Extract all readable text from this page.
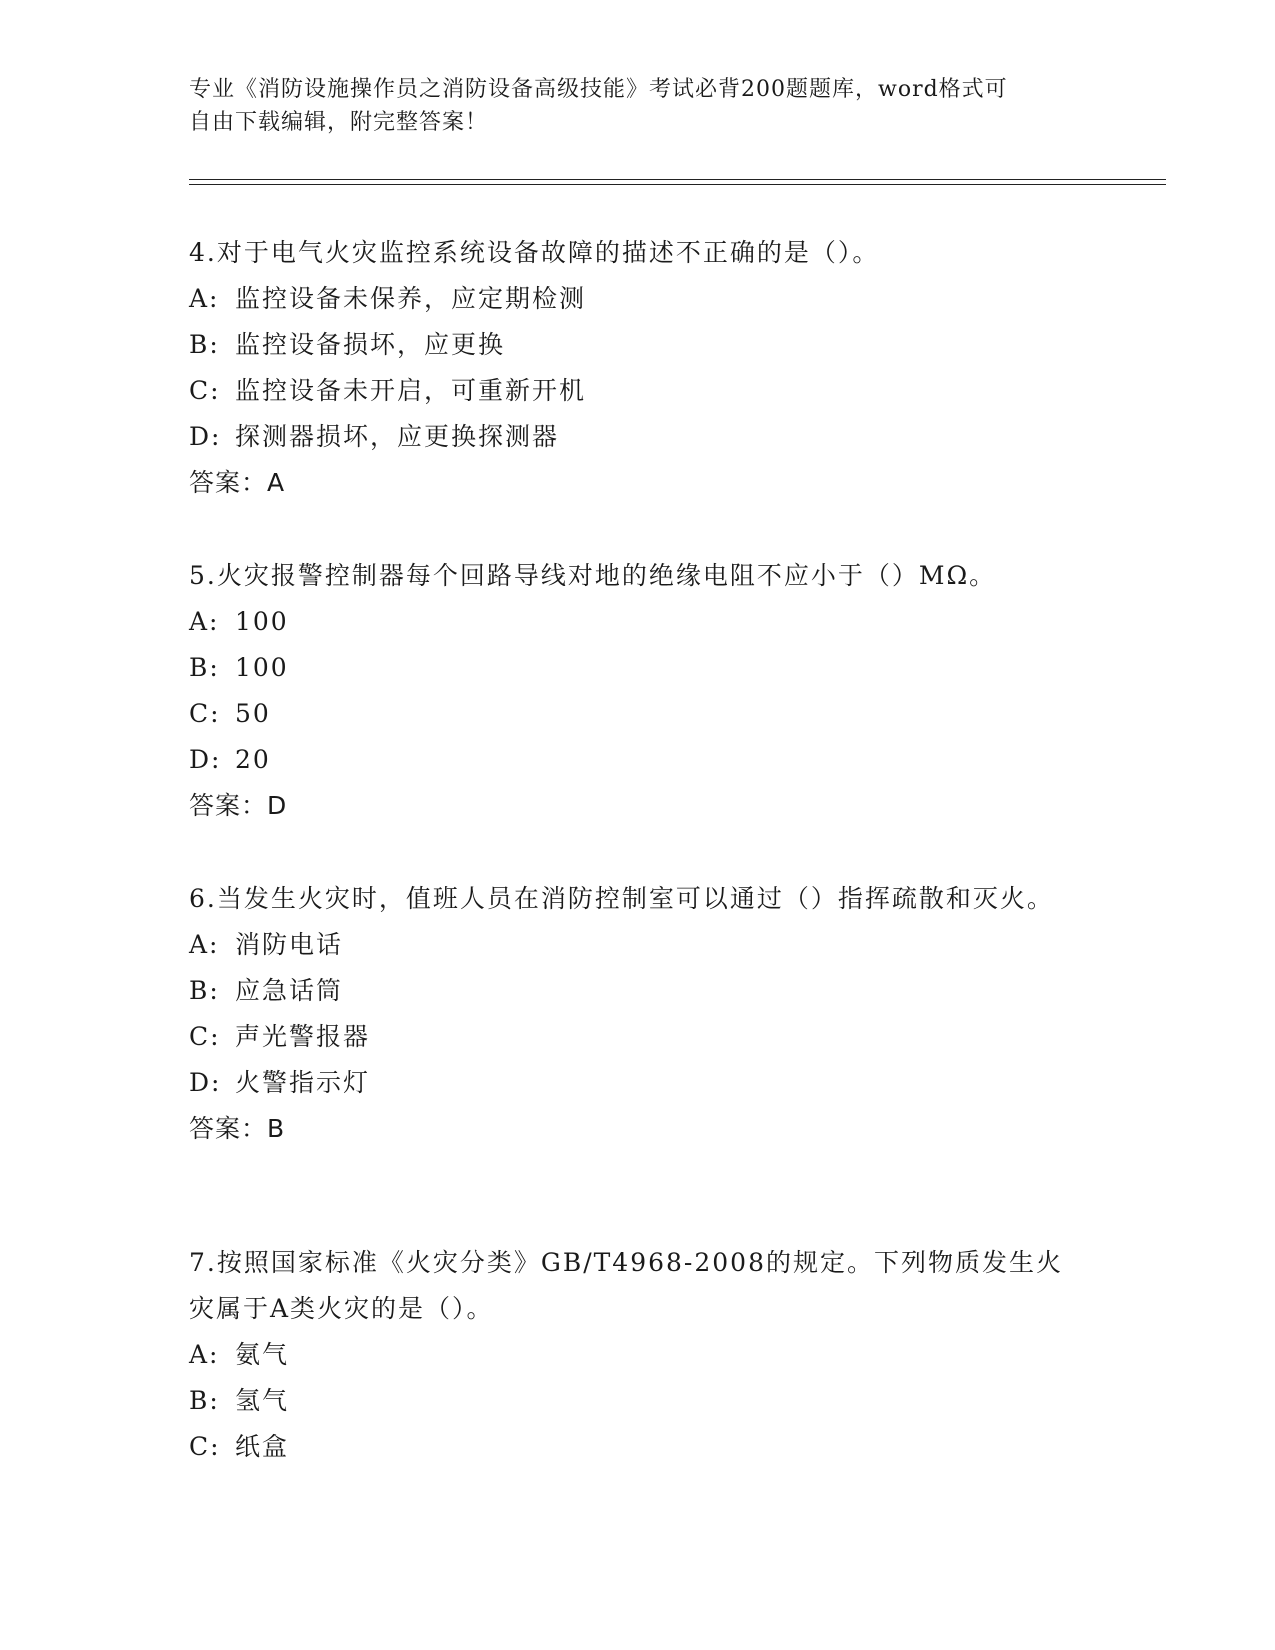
专业《消防设施操作员之消防设备高级技能》考试必背200题题库，word格式可
自由下载编辑，附完整答案！
4.对于电气火灾监控系统设备故障的描述不正确的是（）。
A: 监控设备未保养，应定期检测
B: 监控设备损坏，应更换
C: 监控设备未开启，可重新开机
D: 探测器损坏，应更换探测器
答案：A
5.火灾报警控制器每个回路导线对地的绝缘电阻不应小于（）MΩ。
A: 100
B: 100
C: 50
D: 20
答案：D
6.当发生火灾时，值班人员在消防控制室可以通过（）指挥疏散和灭火。
A: 消防电话
B: 应急话筒
C: 声光警报器
D: 火警指示灯
答案：B
7.按照国家标准《火灾分类》GB/T4968-2008的规定。下列物质发生火灾属于A类火灾的是（）。
A: 氨气
B: 氢气
C: 纸盒
